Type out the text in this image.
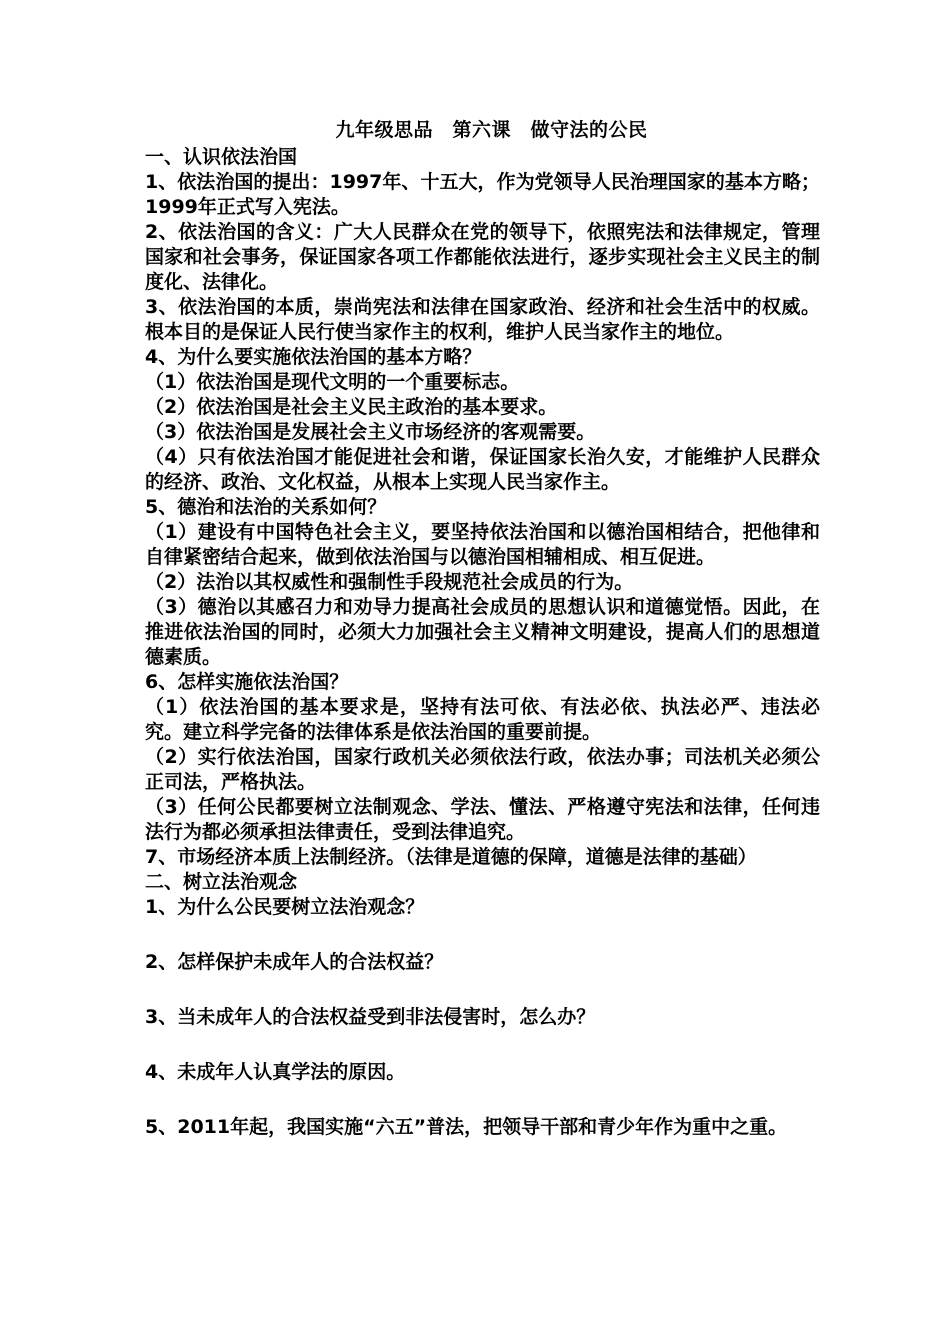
九年级思品　第六课　做守法的公民
一、认识依法治国
1、依法治国的提出：1997年、十五大，作为党领导人民治理国家的基本方略；1999年正式写入宪法。
2、依法治国的含义：广大人民群众在党的领导下，依照宪法和法律规定，管理国家和社会事务，保证国家各项工作都能依法进行，逐步实现社会主义民主的制度化、法律化。
3、依法治国的本质，崇尚宪法和法律在国家政治、经济和社会生活中的权威。根本目的是保证人民行使当家作主的权利，维护人民当家作主的地位。
4、为什么要实施依法治国的基本方略？
（1）依法治国是现代文明的一个重要标志。
（2）依法治国是社会主义民主政治的基本要求。
（3）依法治国是发展社会主义市场经济的客观需要。
（4）只有依法治国才能促进社会和谐，保证国家长治久安，才能维护人民群众的经济、政治、文化权益，从根本上实现人民当家作主。
5、德治和法治的关系如何？
（1）建设有中国特色社会主义，要坚持依法治国和以德治国相结合，把他律和自律紧密结合起来，做到依法治国与以德治国相辅相成、相互促进。
（2）法治以其权威性和强制性手段规范社会成员的行为。
（3）德治以其感召力和劝导力提高社会成员的思想认识和道德觉悟。因此，在推进依法治国的同时，必须大力加强社会主义精神文明建设，提高人们的思想道德素质。
6、怎样实施依法治国？
（1）依法治国的基本要求是，坚持有法可依、有法必依、执法必严、违法必究。建立科学完备的法律体系是依法治国的重要前提。
（2）实行依法治国，国家行政机关必须依法行政，依法办事；司法机关必须公正司法，严格执法。
（3）任何公民都要树立法制观念、学法、懂法、严格遵守宪法和法律，任何违法行为都必须承担法律责任，受到法律追究。
7、市场经济本质上法制经济。（法律是道德的保障，道德是法律的基础）
二、树立法治观念
1、为什么公民要树立法治观念？
2、怎样保护未成年人的合法权益？
3、当未成年人的合法权益受到非法侵害时，怎么办？
4、未成年人认真学法的原因。
5、2011年起，我国实施“六五”普法，把领导干部和青少年作为重中之重。
